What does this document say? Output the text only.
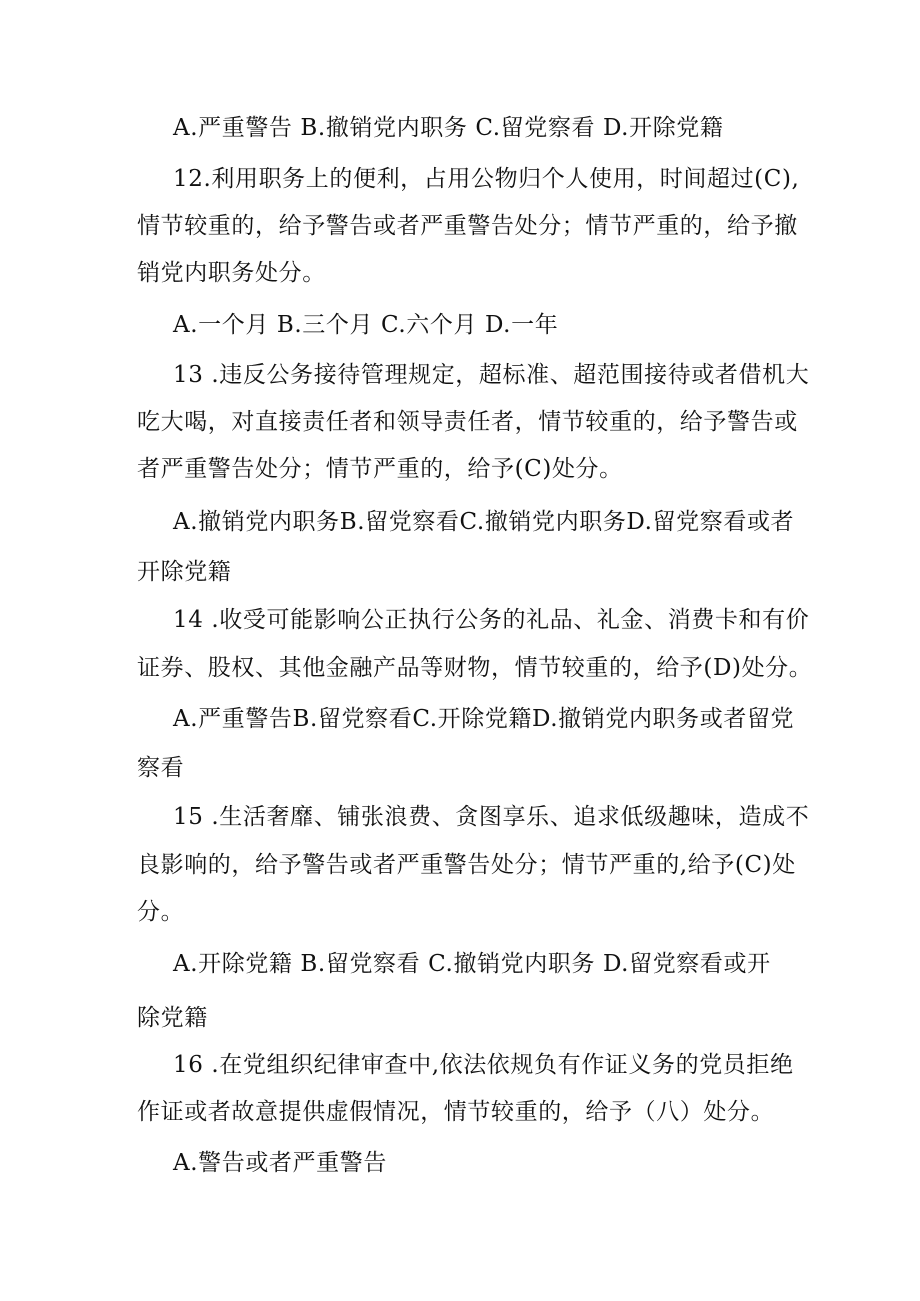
A.严重警告 B.撤销党内职务 C.留党察看 D.开除党籍
12.利用职务上的便利，占用公物归个人使用，时间超过(C),
情节较重的，给予警告或者严重警告处分；情节严重的，给予撤
销党内职务处分。
A.一个月 B.三个月 C.六个月 D.一年
13 .违反公务接待管理规定，超标准、超范围接待或者借机大
吃大喝，对直接责任者和领导责任者，情节较重的，给予警告或
者严重警告处分；情节严重的，给予(C)处分。
A.撤销党内职务B.留党察看C.撤销党内职务D.留党察看或者
开除党籍
14 .收受可能影响公正执行公务的礼品、礼金、消费卡和有价
证券、股权、其他金融产品等财物，情节较重的，给予(D)处分。
A.严重警告B.留党察看C.开除党籍D.撤销党内职务或者留党
察看
15 .生活奢靡、铺张浪费、贪图享乐、追求低级趣味，造成不
良影响的，给予警告或者严重警告处分；情节严重的,给予(C)处
分。
A.开除党籍 B.留党察看 C.撤销党内职务 D.留党察看或开
除党籍
16 .在党组织纪律审查中,依法依规负有作证义务的党员拒绝
作证或者故意提供虚假情况，情节较重的，给予（八）处分。
A.警告或者严重警告
